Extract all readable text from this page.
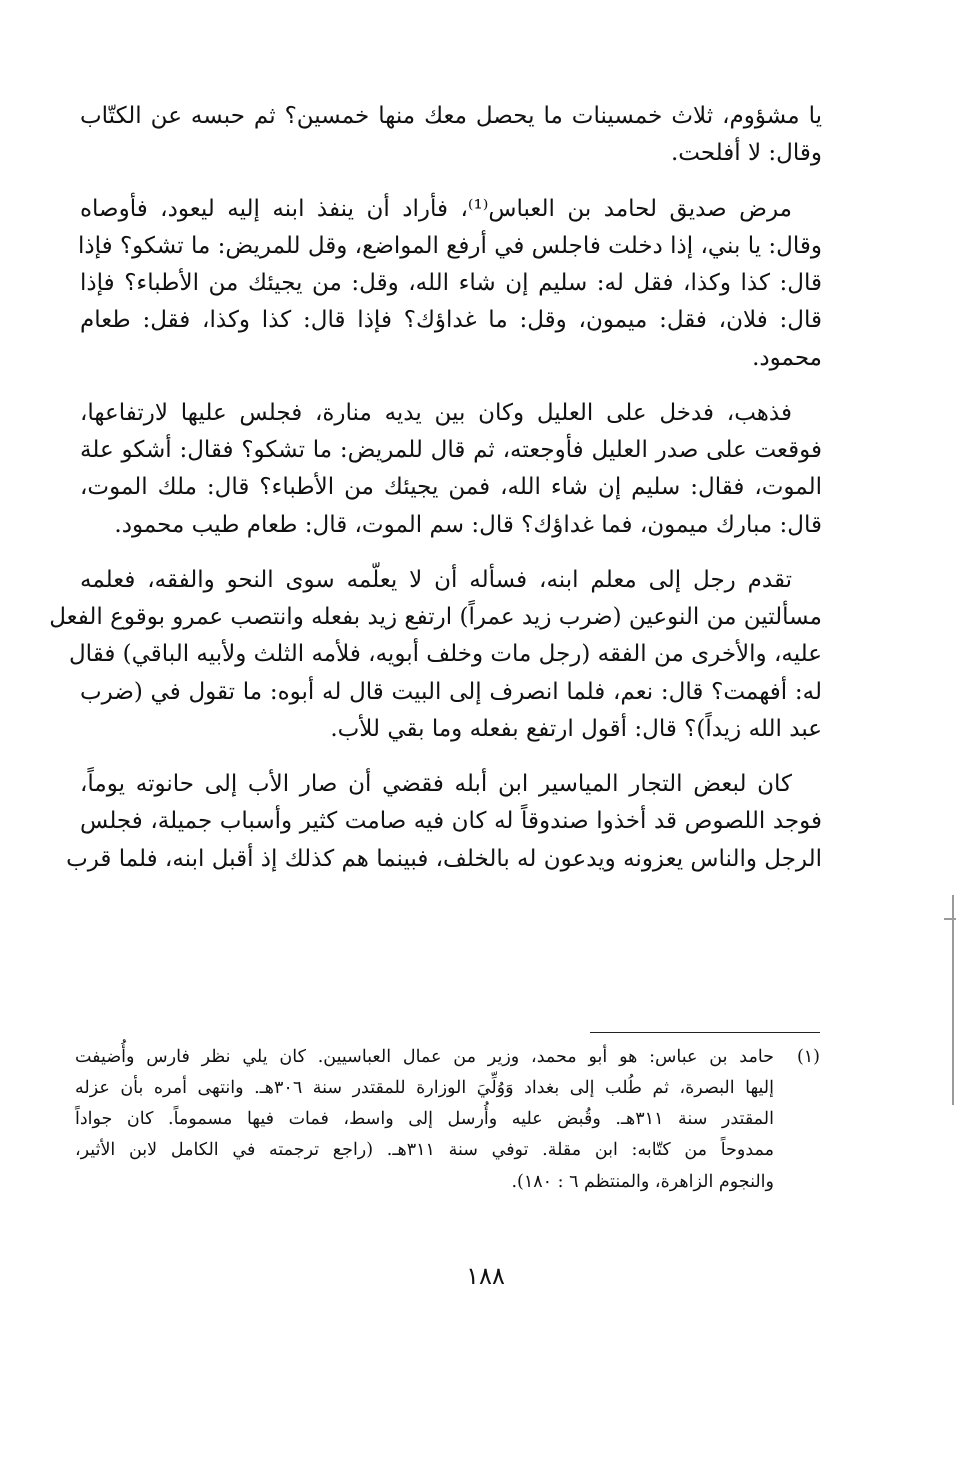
يا مشؤوم، ثلاث خمسينات ما يحصل معك منها خمسين؟ ثم حبسه عن الكتّاب
وقال: لا أفلحت.

مرض صديق لحامد بن العباس⁽¹⁾، فأراد أن ينفذ ابنه إليه ليعود، فأوصاه
وقال: يا بني، إذا دخلت فاجلس في أرفع المواضع، وقل للمريض: ما تشكو؟ فإذا
قال: كذا وكذا، فقل له: سليم إن شاء الله، وقل: من يجيئك من الأطباء؟ فإذا
قال: فلان، فقل: ميمون، وقل: ما غداؤك؟ فإذا قال: كذا وكذا، فقل: طعام
محمود.

فذهب، فدخل على العليل وكان بين يديه منارة، فجلس عليها لارتفاعها،
فوقعت على صدر العليل فأوجعته، ثم قال للمريض: ما تشكو؟ فقال: أشكو علة
الموت، فقال: سليم إن شاء الله، فمن يجيئك من الأطباء؟ قال: ملك الموت،
قال: مبارك ميمون، فما غداؤك؟ قال: سم الموت، قال: طعام طيب محمود.

تقدم رجل إلى معلم ابنه، فسأله أن لا يعلّمه سوى النحو والفقه، فعلمه
مسألتين من النوعين (ضرب زيد عمراً) ارتفع زيد بفعله وانتصب عمرو بوقوع الفعل
عليه، والأخرى من الفقه (رجل مات وخلف أبويه، فلأمه الثلث ولأبيه الباقي) فقال
له: أفهمت؟ قال: نعم، فلما انصرف إلى البيت قال له أبوه: ما تقول في (ضرب
عبد الله زيداً)؟ قال: أقول ارتفع بفعله وما بقي للأب.

كان لبعض التجار المياسير ابن أبله فقضي أن صار الأب إلى حانوته يوماً،
فوجد اللصوص قد أخذوا صندوقاً له كان فيه صامت كثير وأسباب جميلة، فجلس
الرجل والناس يعزونه ويدعون له بالخلف، فبينما هم كذلك إذ أقبل ابنه، فلما قرب

(١)
حامد بن عباس: هو أبو محمد، وزير من عمال العباسيين. كان يلي نظر فارس وأُضيفت
إليها البصرة، ثم طُلب إلى بغداد وَوُلِّيَ الوزارة للمقتدر سنة ٣٠٦هـ. وانتهى أمره بأن عزله
المقتدر سنة ٣١١هـ. وقُبض عليه وأُرسل إلى واسط، فمات فيها مسموماً. كان جواداً
ممدوحاً من كتّابه: ابن مقلة. توفي سنة ٣١١هـ. (راجع ترجمته في الكامل لابن الأثير،
والنجوم الزاهرة، والمنتظم ٦ : ١٨٠).
١٨٨
